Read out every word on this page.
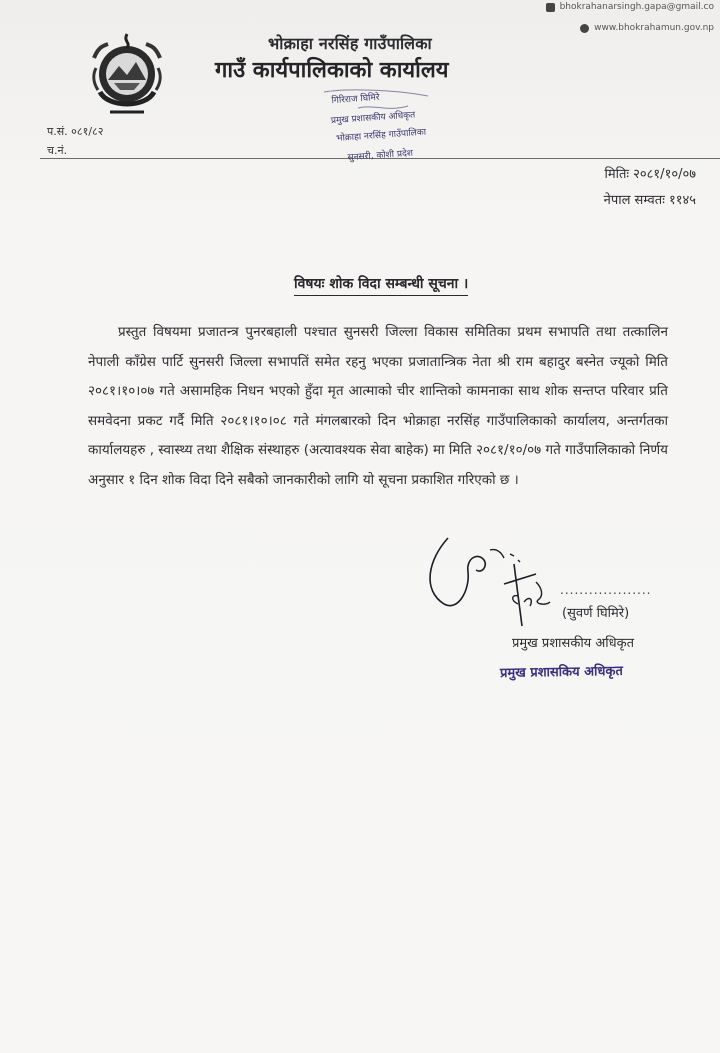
bhokrahanarsingh.gapa@gmail.co
www.bhokrahamun.gov.np
भोक्राहा नरसिंह गाउँपालिका
गाउँ कार्यपालिकाको कार्यालय
प.सं. ०८१/८२
च.नं.
गिरिराज घिमिरे
प्रमुख प्रशासकीय अधिकृत
भोक्राहा नरसिंह गाउँपालिका
सुनसरी, कोशी प्रदेश
मितिः २०८१/१०/०७
नेपाल सम्वतः ११४५
विषयः शोक विदा सम्बन्धी सूचना ।
प्रस्तुत विषयमा प्रजातन्त्र पुनरबहाली पश्चात सुनसरी जिल्ला विकास समितिका प्रथम सभापति तथा तत्कालिन नेपाली काँग्रेस पार्टि सुनसरी जिल्ला सभापतिं समेत रहनु भएका प्रजातान्त्रिक नेता श्री राम बहादुर बस्नेत ज्यूको मिति २०८१।१०।०७ गते असामहिक निधन भएको हुँदा मृत आत्माको चीर शान्तिको कामनाका साथ शोक सन्तप्त परिवार प्रति समवेदना प्रकट गर्दै मिति २०८१।१०।०८ गते मंगलबारको दिन भोक्राहा नरसिंह गाउँपालिकाको कार्यालय, अन्तर्गतका कार्यालयहरु , स्वास्थ्य तथा शैक्षिक संस्थाहरु (अत्यावश्यक सेवा बाहेक) मा मिति २०८१/१०/०७ गते गाउँपालिकाको निर्णय अनुसार १ दिन शोक विदा दिने सबैको जानकारीको लागि यो सूचना प्रकाशित गरिएको छ ।
...................
(सुवर्ण घिमिरे)
प्रमुख प्रशासकीय अधिकृत
प्रमुख प्रशासकिय अधिकृत
